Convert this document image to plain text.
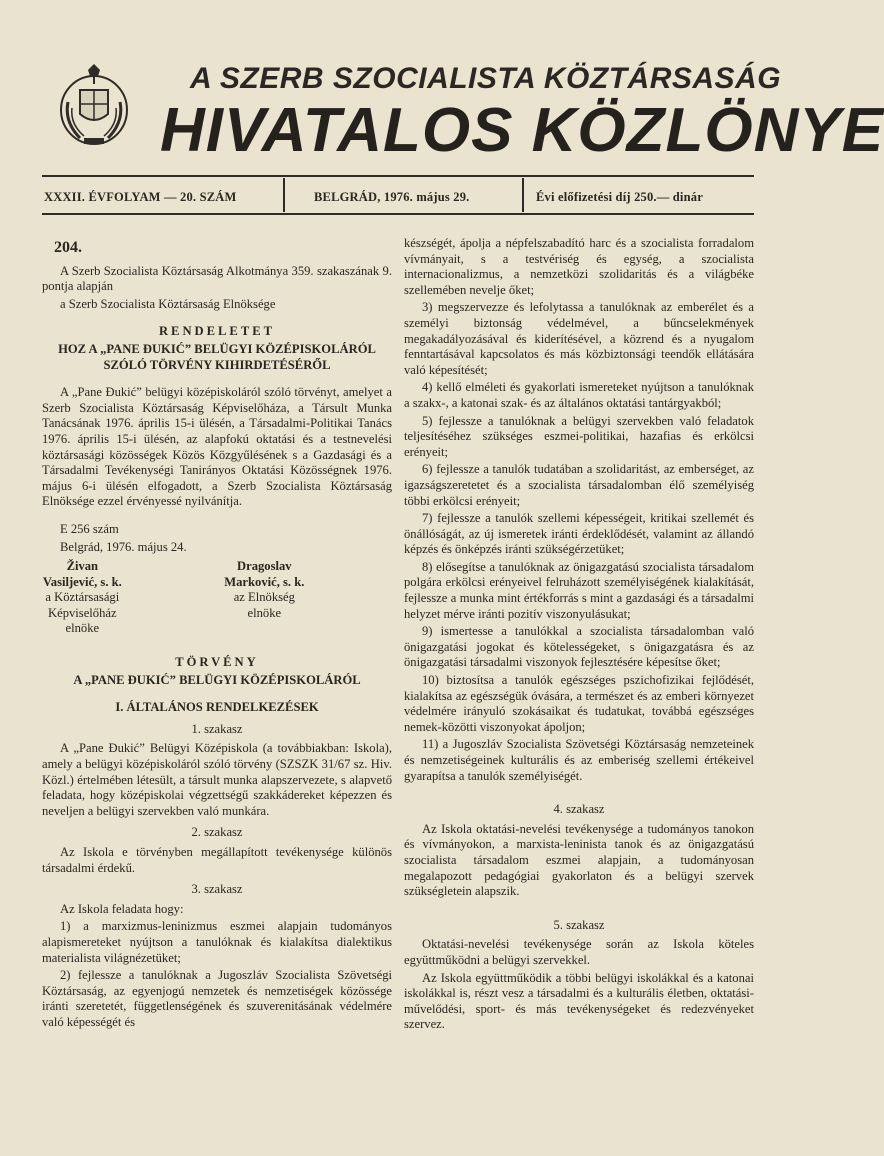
A SZERB SZOCIALISTA KÖZTÁRSASÁG
HIVATALOS KÖZLÖNYE
XXXII. ÉVFOLYAM — 20. SZÁM	BELGRÁD, 1976. május 29.	Évi előfizetési díj 250.— dinár
204.

A Szerb Szocialista Köztársaság Alkotmánya 359. szakaszának 9. pontja alapján

a Szerb Szocialista Köztársaság Elnöksége

RENDELETET

HOZ A „PANE ĐUKIĆ” BELÜGYI KÖZÉPISKOLÁRÓL SZÓLÓ TÖRVÉNY KIHIRDETÉSÉRŐL

A „Pane Đukić” belügyi középiskoláról szóló törvényt, amelyet a Szerb Szocialista Köztársaság Képviselőháza, a Társult Munka Tanácsának 1976. április 15-i ülésén, a Társadalmi-Politikai Tanács 1976. április 15-i ülésén, az alapfokú oktatási és a testnevelési köztársasági közösségek Közös Közgyűlésének s a Gazdasági és a Társadalmi Tevékenységi Tanirányos Oktatási Közösségnek 1976. május 6-i ülésén elfogadott, a Szerb Szocialista Köztársaság Elnöksége ezzel érvényessé nyilvánítja.

E 256 szám

Belgrád, 1976. május 24.

Živan Vasiljević, s. k.
a Köztársasági Képviselőház elnöke
Dragoslav Marković, s. k.
az Elnökség elnöke

TÖRVÉNY

A „PANE ĐUKIĆ” BELÜGYI KÖZÉPISKOLÁRÓL

I. ÁLTALÁNOS RENDELKEZÉSEK

1. szakasz

A „Pane Đukić” Belügyi Középiskola (a továbbiakban: Iskola), amely a belügyi középiskoláról szóló törvény (SZSZK 31/67 sz. Hiv. Közl.) értelmében létesült, a társult munka alapszervezete, s alapvető feladata, hogy középiskolai végzettségű szakkádereket képezzen és neveljen a belügyi szervekben való munkára.

2. szakasz

Az Iskola e törvényben megállapított tevékenysége különös társadalmi érdekű.

3. szakasz

Az Iskola feladata hogy:

1) a marxizmus-leninizmus eszmei alapjain tudományos alapismereteket nyújtson a tanulóknak és kialakítsa dialektikus materialista világnézetüket;

2) fejlessze a tanulóknak a Jugoszláv Szocialista Szövetségi Köztársaság, az egyenjogú nemzetek és nemzetiségek közössége iránti szeretetét, függetlenségének és szuverenitásának védelmére való képességét és

készségét, ápolja a népfelszabadító harc és a szocialista forradalom vívmányait, s a testvériség és egység, a szocialista internacionalizmus, a nemzetközi szolidaritás és a világbéke szellemében nevelje őket;

3) megszervezze és lefolytassa a tanulóknak az emberélet és a személyi biztonság védelmével, a bűncselekmények megakadályozásával és kiderítésével, a közrend és a nyugalom fenntartásával kapcsolatos és más közbiztonsági teendők ellátására való képesítését;

4) kellő elméleti és gyakorlati ismereteket nyújtson a tanulóknak a szakx-, a katonai szak- és az általános oktatási tantárgyakból;

5) fejlessze a tanulóknak a belügyi szervekben való feladatok teljesítéséhez szükséges eszmei-politikai, hazafias és erkölcsi erényeit;

6) fejlessze a tanulók tudatában a szolidaritást, az emberséget, az igazságszeretetet és a szocialista társadalomban élő személyiség többi erkölcsi erényeit;

7) fejlessze a tanulók szellemi képességeit, kritikai szellemét és önállóságát, az új ismeretek iránti érdeklődését, valamint az állandó képzés és önképzés iránti szükségérzetüket;

8) elősegítse a tanulóknak az önigazgatású szocialista társadalom polgára erkölcsi erényeivel felruházott személyiségének kialakítását, fejlessze a munka mint értékforrás s mint a gazdasági és a társadalmi helyzet mérve iránti pozitív viszonyulásukat;

9) ismertesse a tanulókkal a szocialista társadalomban való önigazgatási jogokat és kötelességeket, s önigazgatásra és az önigazgatási társadalmi viszonyok fejlesztésére képesítse őket;

10) biztosítsa a tanulók egészséges pszichofizikai fejlődését, kialakítsa az egészségük óvására, a természet és az emberi környezet védelmére irányuló szokásaikat és tudatukat, továbbá egészséges nemek-közötti viszonyokat ápoljon;

11) a Jugoszláv Szocialista Szövetségi Köztársaság nemzeteinek és nemzetiségeinek kulturális és az emberiség szellemi értékeivel gyarapítsa a tanulók személyiségét.

4. szakasz

Az Iskola oktatási-nevelési tevékenysége a tudományos tanokon és vívmányokon, a marxista-leninista tanok és az önigazgatású szocialista társadalom eszmei alapjain, a tudományosan megalapozott pedagógiai gyakorlaton és a belügyi szervek szükségletein alapszik.

5. szakasz

Oktatási-nevelési tevékenysége során az Iskola köteles együttműködni a belügyi szervekkel.

Az Iskola együttműködik a többi belügyi iskolákkal és a katonai iskolákkal is, részt vesz a társadalmi és a kulturális életben, oktatási-művelődési, sport- és más tevékenységeket és redezvényeket szervez.
